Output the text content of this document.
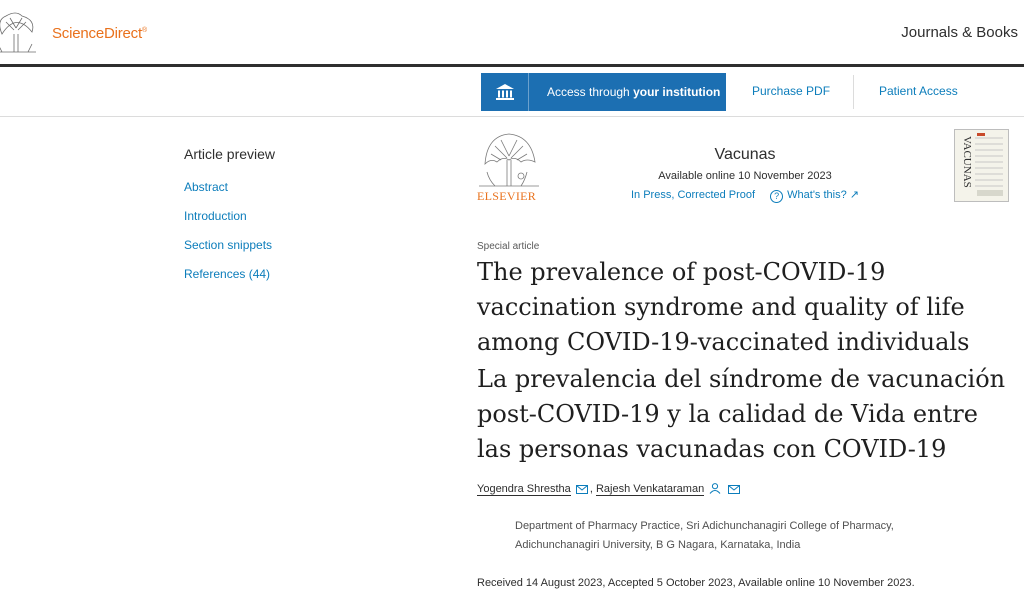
ScienceDirect®	Journals & Books
Access through your institution	Purchase PDF	Patient Access
Article preview
Abstract
Introduction
Section snippets
References (44)
ELSEVIER
Vacunas
Available online 10 November 2023
In Press, Corrected Proof ? What's this? ↗
VACUNAS
Special article
The prevalence of post-COVID-19 vaccination syndrome and quality of life among COVID-19-vaccinated individuals
La prevalencia del síndrome de vacunación post-COVID-19 y la calidad de Vida entre las personas vacunadas con COVID-19
Yogendra Shrestha , Rajesh Venkataraman
Department of Pharmacy Practice, Sri Adichunchanagiri College of Pharmacy,
Adichunchanagiri University, B G Nagara, Karnataka, India
Received 14 August 2023, Accepted 5 October 2023, Available online 10 November 2023.
